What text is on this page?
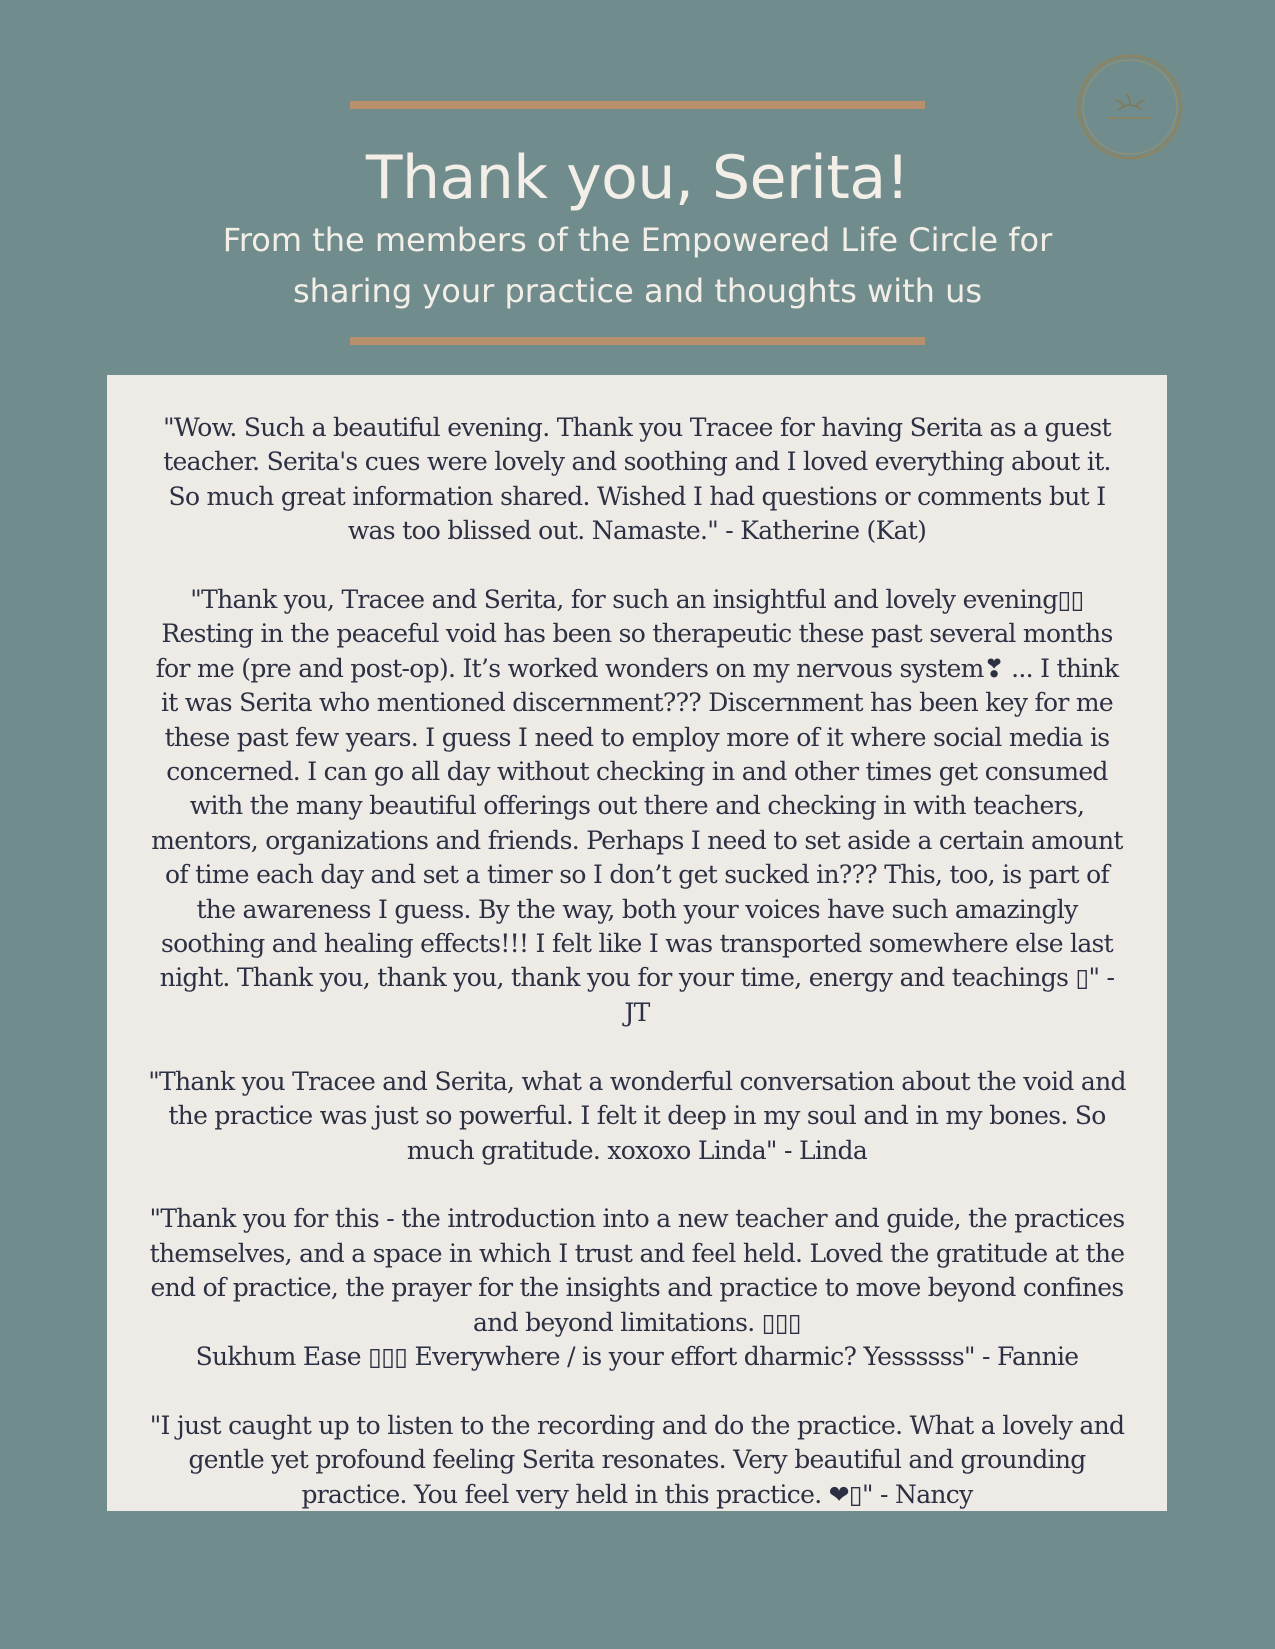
Thank you, Serita!

From the members of the Empowered Life Circle for sharing your practice and thoughts with us

"Wow. Such a beautiful evening. Thank you Tracee for having Serita as a guest teacher. Serita's cues were lovely and soothing and I loved everything about it. So much great information shared. Wished I had questions or comments but I was too blissed out. Namaste." - Katherine (Kat)

"Thank you, Tracee and Serita, for such an insightful and lovely evening▯▯ Resting in the peaceful void has been so therapeutic these past several months for me (pre and post-op). It’s worked wonders on my nervous system❣ ... I think it was Serita who mentioned discernment??? Discernment has been key for me these past few years. I guess I need to employ more of it where social media is concerned. I can go all day without checking in and other times get consumed with the many beautiful offerings out there and checking in with teachers, mentors, organizations and friends. Perhaps I need to set aside a certain amount of time each day and set a timer so I don’t get sucked in??? This, too, is part of the awareness I guess. By the way, both your voices have such amazingly soothing and healing effects!!! I felt like I was transported somewhere else last night. Thank you, thank you, thank you for your time, energy and teachings ▯" - JT

"Thank you Tracee and Serita, what a wonderful conversation about the void and the practice was just so powerful. I felt it deep in my soul and in my bones. So much gratitude. xoxoxo Linda" - Linda

"Thank you for this - the introduction into a new teacher and guide, the practices themselves, and a space in which I trust and feel held. Loved the gratitude at the end of practice, the prayer for the insights and practice to move beyond confines and beyond limitations. ▯▯▯
Sukhum Ease ▯▯▯ Everywhere / is your effort dharmic? Yessssss" - Fannie

"I just caught up to listen to the recording and do the practice. What a lovely and gentle yet profound feeling Serita resonates. Very beautiful and grounding practice. You feel very held in this practice. ❤▯" - Nancy
